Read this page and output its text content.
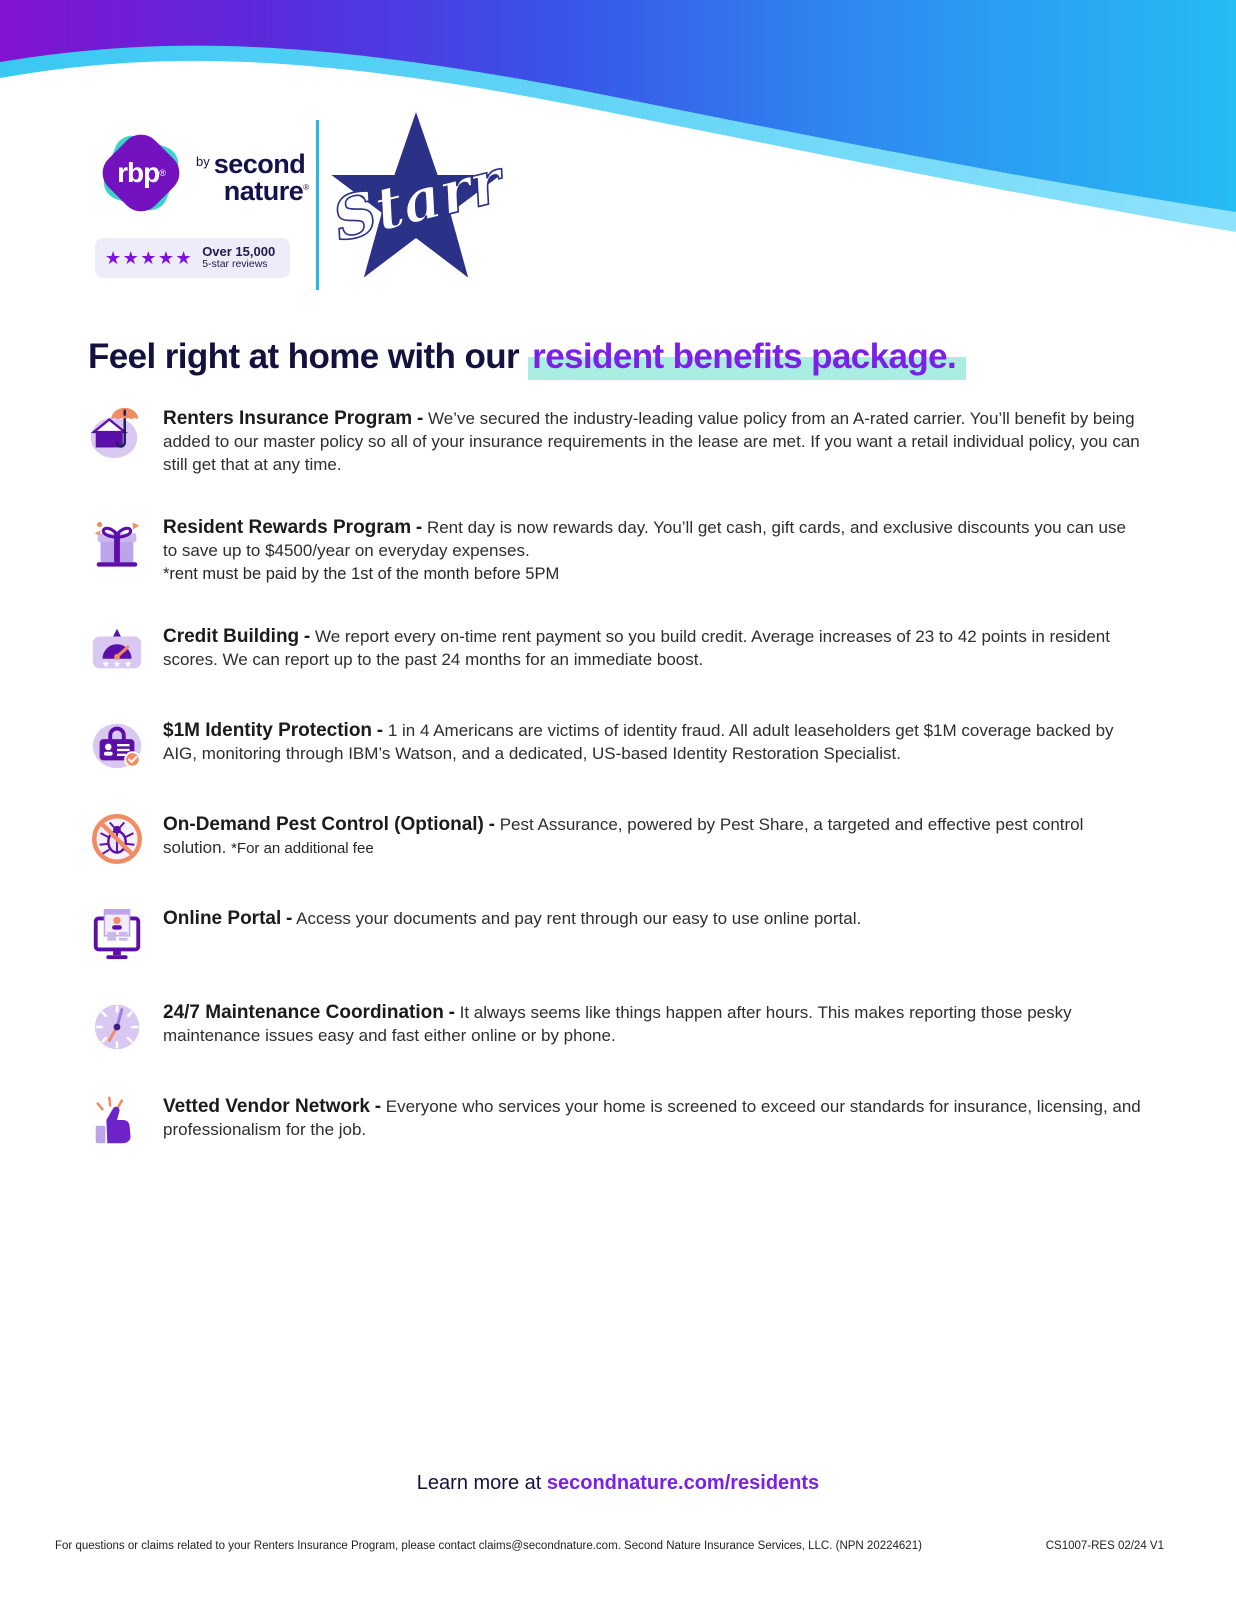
rbp ®
by second
nature®
★★★★★ Over 15,000
5-star reviews
Starr
Feel right at home with our resident benefits package.
Renters Insurance Program - We’ve secured the industry-leading value policy from an A-rated carrier. You’ll benefit by being added to our master policy so all of your insurance requirements in the lease are met. If you want a retail individual policy, you can still get that at any time.
Resident Rewards Program - Rent day is now rewards day. You’ll get cash, gift cards, and exclusive discounts you can use to save up to $4500/year on everyday expenses.
*rent must be paid by the 1st of the month before 5PM
★ ★ ★
Credit Building - We report every on-time rent payment so you build credit. Average increases of 23 to 42 points in resident scores. We can report up to the past 24 months for an immediate boost.
$1M Identity Protection - 1 in 4 Americans are victims of identity fraud. All adult leaseholders get $1M coverage backed by AIG, monitoring through IBM’s Watson, and a dedicated, US-based Identity Restoration Specialist.
On-Demand Pest Control (Optional) - Pest Assurance, powered by Pest Share, a targeted and effective pest control solution. *For an additional fee
Online Portal - Access your documents and pay rent through our easy to use online portal.
24/7 Maintenance Coordination - It always seems like things happen after hours. This makes reporting those pesky maintenance issues easy and fast either online or by phone.
Vetted Vendor Network - Everyone who services your home is screened to exceed our standards for insurance, licensing, and professionalism for the job.
Learn more at secondnature.com/residents
For questions or claims related to your Renters Insurance Program, please contact claims@secondnature.com. Second Nature Insurance Services, LLC. (NPN 20224621)	CS1007-RES 02/24 V1
